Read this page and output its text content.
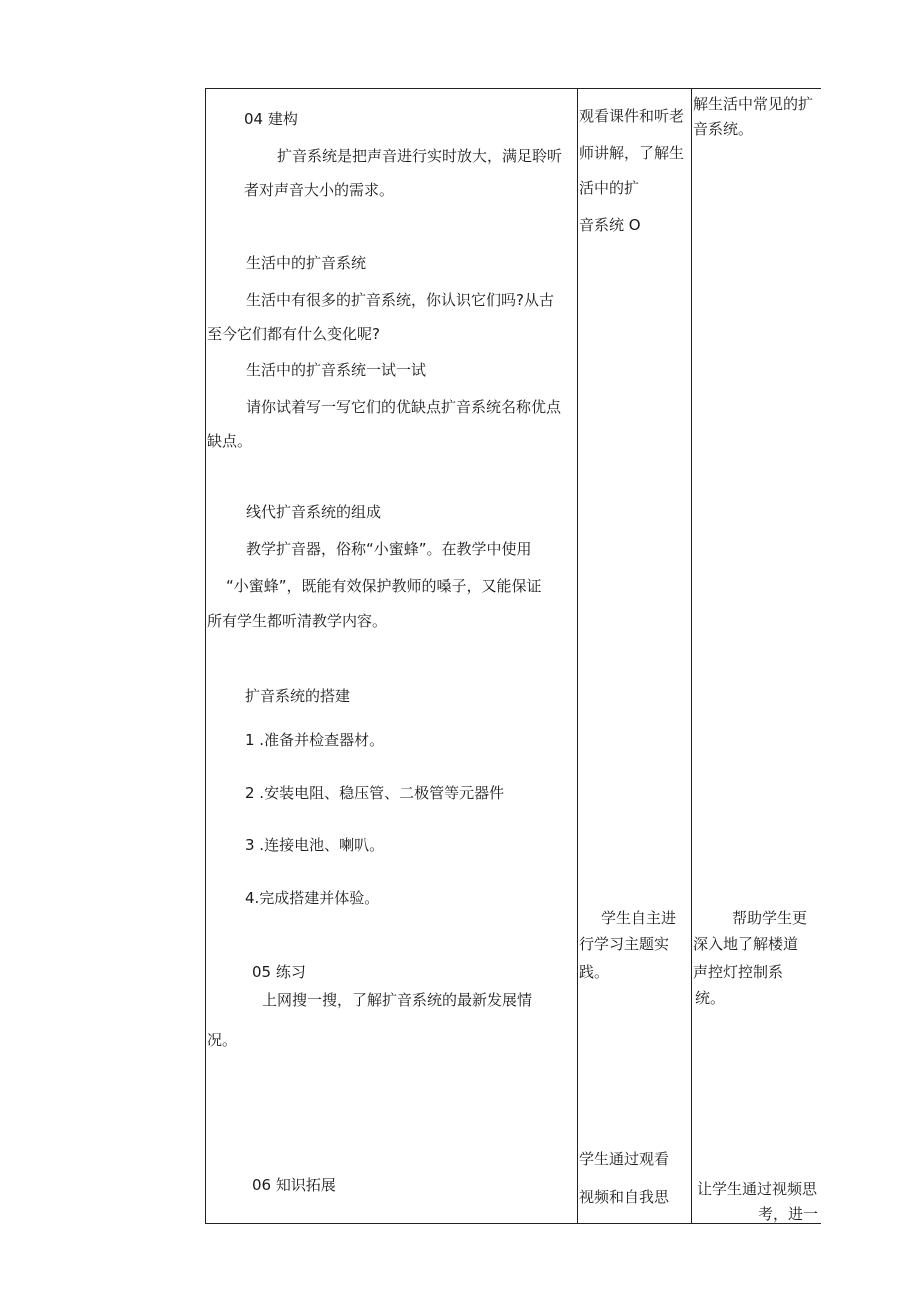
04 建构
扩音系统是把声音进行实时放大，满足聆听
者对声音大小的需求。
生活中的扩音系统
生活中有很多的扩音系统，你认识它们吗?从古
至今它们都有什么变化呢?
生活中的扩音系统一试一试
请你试着写一写它们的优缺点扩音系统名称优点
缺点。
线代扩音系统的组成
教学扩音器，俗称“小蜜蜂”。在教学中使用
“小蜜蜂”，既能有效保护教师的嗓子，又能保证
所有学生都听清教学内容。
扩音系统的搭建
1 .准备并检查器材。
2 .安装电阻、稳压管、二极管等元器件
3 .连接电池、喇叭。
4.完成搭建并体验。
05 练习
上网搜一搜，了解扩音系统的最新发展情
况。
06 知识拓展
观看课件和听老
师讲解，了解生
活中的扩
音系统 O
学生自主进
行学习主题实
践。
学生通过观看
视频和自我思
解生活中常见的扩
音系统。
帮助学生更
深入地了解楼道
声控灯控制系
统。
让学生通过视频思
考，进一
